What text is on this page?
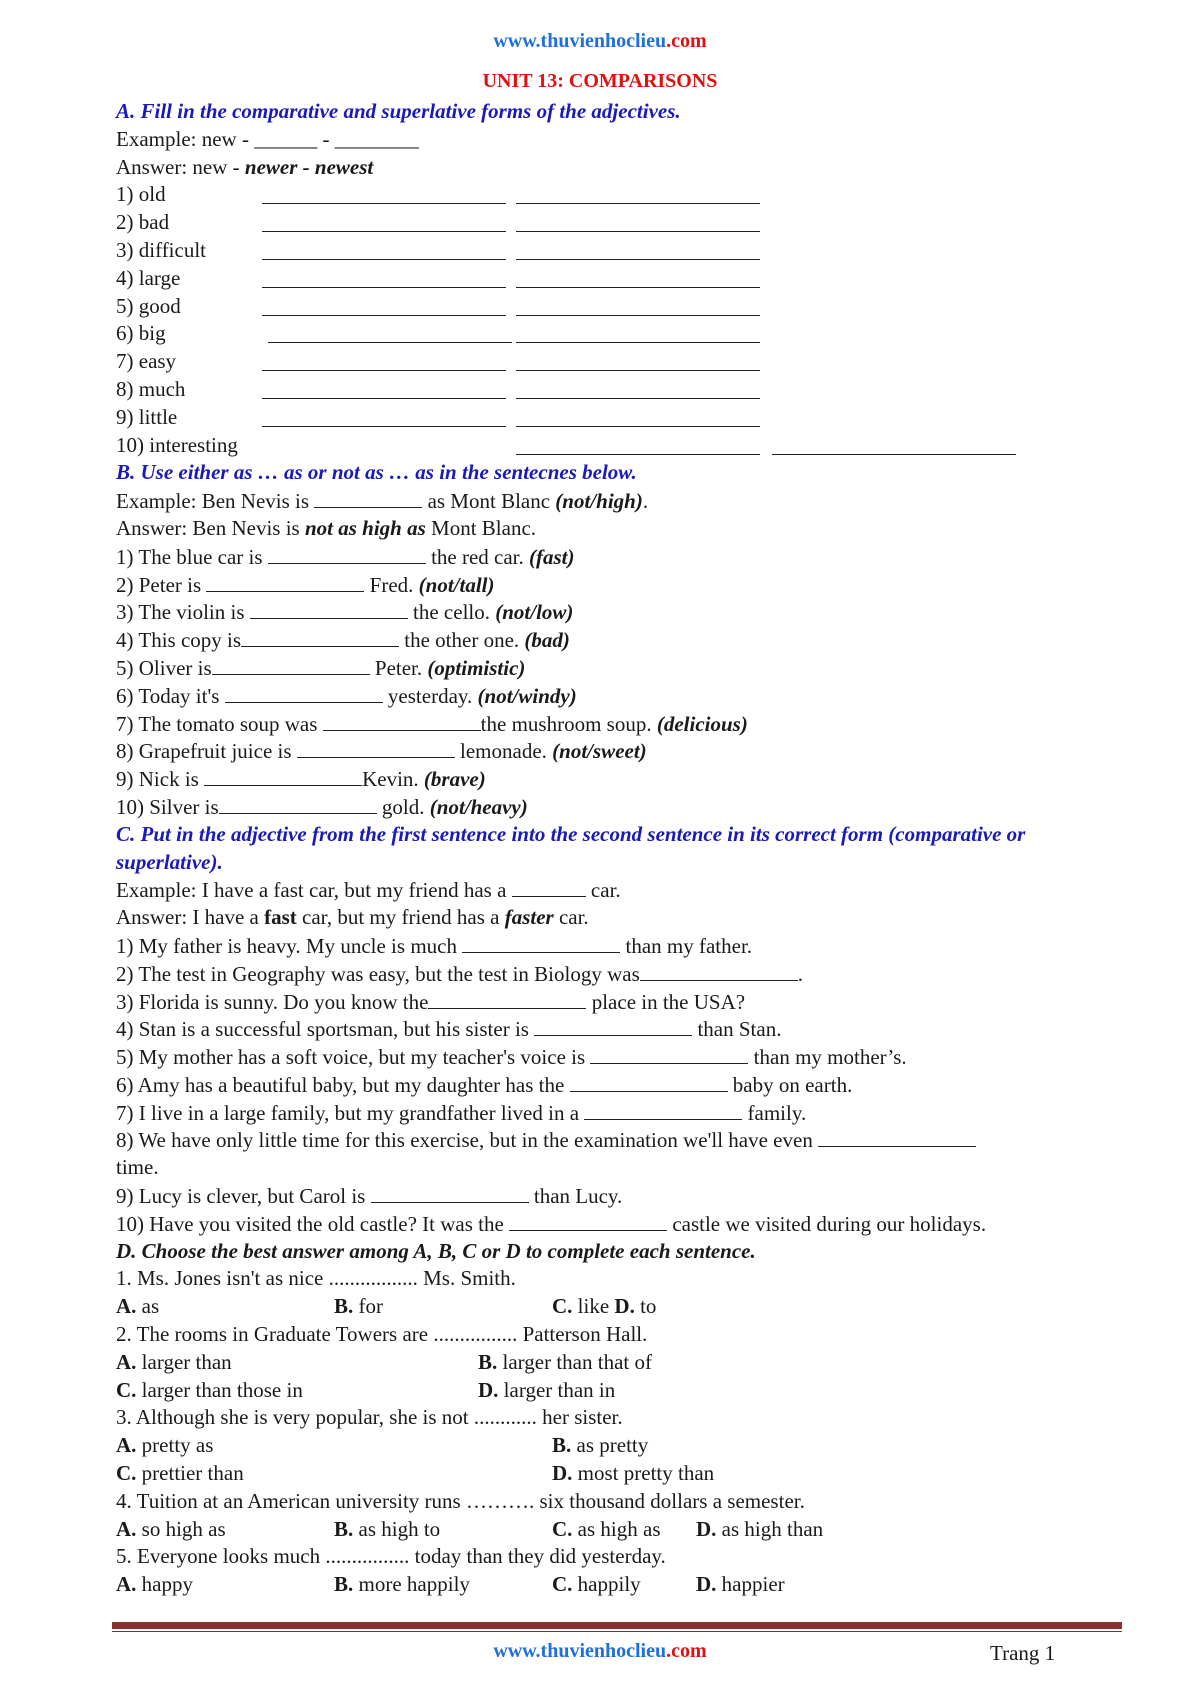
www.thuvienhoclieu.com
UNIT 13: COMPARISONS
A. Fill in the comparative and superlative forms of the adjectives.
Example: new - ______ - ________
Answer: new - newer - newest
1) old
2) bad
3) difficult
4) large
5) good
6) big
7) easy
8) much
9) little
10) interesting
B. Use either as … as or not as … as in the sentecnes below.
Example: Ben Nevis is	as Mont Blanc (not/high).
Answer: Ben Nevis is not as high as Mont Blanc.
1) The blue car is	the red car. (fast)
2) Peter is	Fred. (not/tall)
3) The violin is	the cello. (not/low)
4) This copy is	the other one. (bad)
5) Oliver is	Peter. (optimistic)
6) Today it's	yesterday. (not/windy)
7) The tomato soup was	the mushroom soup. (delicious)
8) Grapefruit juice is	lemonade. (not/sweet)
9) Nick is	Kevin. (brave)
10) Silver is	gold. (not/heavy)
C. Put in the adjective from the first sentence into the second sentence in its correct form (comparative or superlative).
Example: I have a fast car, but my friend has a	car.
Answer: I have a fast car, but my friend has a faster car.
1) My father is heavy. My uncle is much	than my father.
2) The test in Geography was easy, but the test in Biology was	.
3) Florida is sunny. Do you know the	place in the USA?
4) Stan is a successful sportsman, but his sister is	than Stan.
5) My mother has a soft voice, but my teacher's voice is	than my mother’s.
6) Amy has a beautiful baby, but my daughter has the	baby on earth.
7) I live in a large family, but my grandfather lived in a	family.
8) We have only little time for this exercise, but in the examination we'll have even
time.
9) Lucy is clever, but Carol is	than Lucy.
10) Have you visited the old castle? It was the	castle we visited during our holidays.
D. Choose the best answer among A, B, C or D to complete each sentence.
1. Ms. Jones isn't as nice ................. Ms. Smith.
A. as	B. for	C. like D. to
2. The rooms in Graduate Towers are ................ Patterson Hall.
A. larger than	B. larger than that of
C. larger than those in	D. larger than in
3. Although she is very popular, she is not ............ her sister.
A. pretty as	B. as pretty
C. prettier than	D. most pretty than
4. Tuition at an American university runs ………. six thousand dollars a semester.
A. so high as	B. as high to	C. as high as D. as high than
5. Everyone looks much ................ today than they did yesterday.
A. happy	B. more happily	C. happily	D. happier
www.thuvienhoclieu.com	Trang 1
